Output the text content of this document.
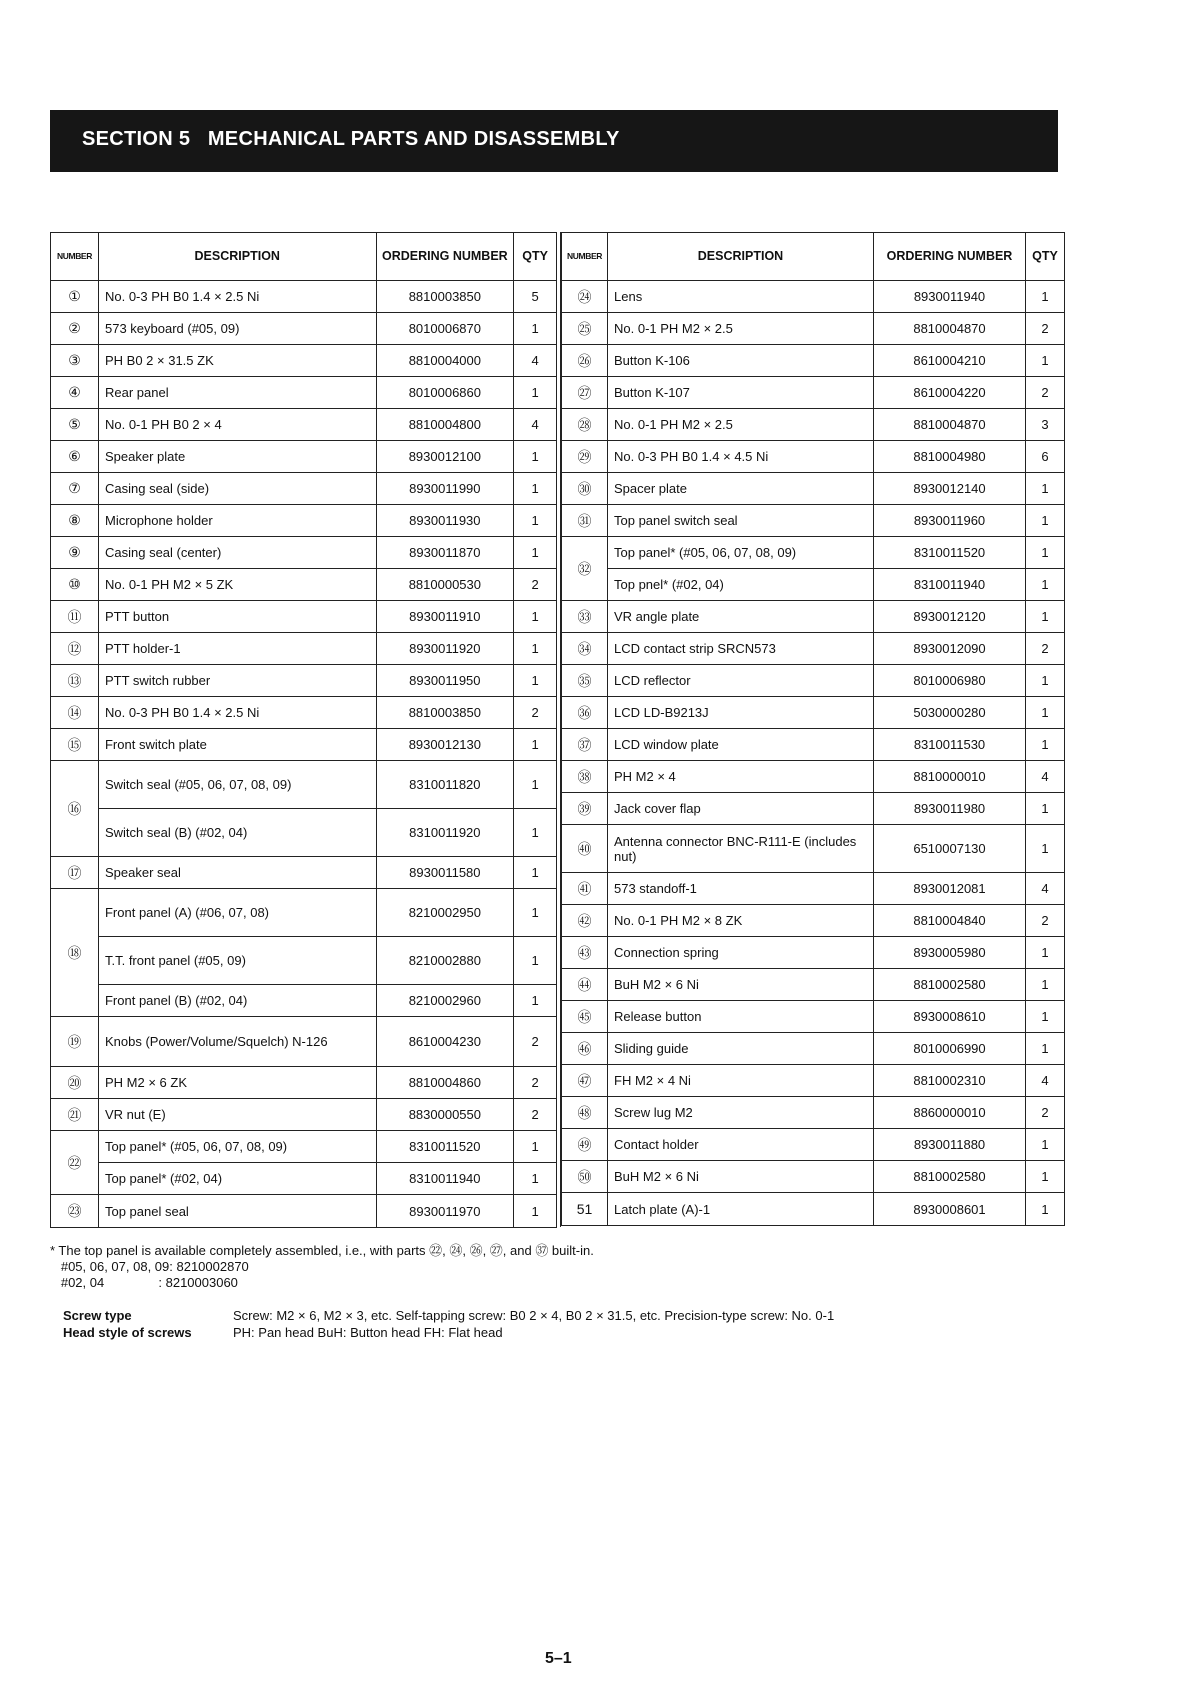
SECTION 5   MECHANICAL PARTS AND DISASSEMBLY
NUMBER	DESCRIPTION	ORDERING NUMBER	QTY
①	No. 0-3 PH B0 1.4 × 2.5 Ni	8810003850	5
②	573 keyboard (#05, 09)	8010006870	1
③	PH B0 2 × 31.5 ZK	8810004000	4
④	Rear panel	8010006860	1
⑤	No. 0-1 PH B0 2 × 4	8810004800	4
⑥	Speaker plate	8930012100	1
⑦	Casing seal (side)	8930011990	1
⑧	Microphone holder	8930011930	1
⑨	Casing seal (center)	8930011870	1
⑩	No. 0-1 PH M2 × 5 ZK	8810000530	2
⑪	PTT button	8930011910	1
⑫	PTT holder-1	8930011920	1
⑬	PTT switch rubber	8930011950	1
⑭	No. 0-3 PH B0 1.4 × 2.5 Ni	8810003850	2
⑮	Front switch plate	8930012130	1
⑯	Switch seal (#05, 06, 07, 08, 09)	8310011820	1
	Switch seal (B) (#02, 04)	8310011920	1
⑰	Speaker seal	8930011580	1
⑱	Front panel (A) (#06, 07, 08)	8210002950	1
	T.T. front panel (#05, 09)	8210002880	1
	Front panel (B) (#02, 04)	8210002960	1
⑲	Knobs (Power/Volume/Squelch) N-126	8610004230	2
⑳	PH M2 × 6 ZK	8810004860	2
㉑	VR nut (E)	8830000550	2
㉒	Top panel* (#05, 06, 07, 08, 09)	8310011520	1
	Top panel* (#02, 04)	8310011940	1
㉓	Top panel seal	8930011970	1
NUMBER	DESCRIPTION	ORDERING NUMBER	QTY
㉔	Lens	8930011940	1
㉕	No. 0-1 PH M2 × 2.5	8810004870	2
㉖	Button K-106	8610004210	1
㉗	Button K-107	8610004220	2
㉘	No. 0-1 PH M2 × 2.5	8810004870	3
㉙	No. 0-3 PH B0 1.4 × 4.5 Ni	8810004980	6
㉚	Spacer plate	8930012140	1
㉛	Top panel switch seal	8930011960	1
㉜	Top panel* (#05, 06, 07, 08, 09)	8310011520	1
	Top pnel* (#02, 04)	8310011940	1
㉝	VR angle plate	8930012120	1
㉞	LCD contact strip SRCN573	8930012090	2
㉟	LCD reflector	8010006980	1
㊱	LCD LD-B9213J	5030000280	1
㊲	LCD window plate	8310011530	1
㊳	PH M2 × 4	8810000010	4
㊴	Jack cover flap	8930011980	1
㊵	Antenna connector BNC-R111-E (includes nut)	6510007130	1
㊶	573 standoff-1	8930012081	4
㊷	No. 0-1 PH M2 × 8 ZK	8810004840	2
㊸	Connection spring	8930005980	1
㊹	BuH M2 × 6 Ni	8810002580	1
㊺	Release button	8930008610	1
㊻	Sliding guide	8010006990	1
㊼	FH M2 × 4 Ni	8810002310	4
㊽	Screw lug M2	8860000010	2
㊾	Contact holder	8930011880	1
㊿	BuH M2 × 6 Ni	8810002580	1
51	Latch plate (A)-1	8930008601	1
* The top panel is available completely assembled, i.e., with parts ㉒, ㉔, ㉖, ㉗, and ㊲ built-in.
#05, 06, 07, 08, 09: 8210002870
#02, 04               : 8210003060
Screw type	Screw: M2 × 6, M2 × 3, etc. Self-tapping screw: B0 2 × 4, B0 2 × 31.5, etc. Precision-type screw: No. 0-1
Head style of screws	PH: Pan head BuH: Button head FH: Flat head
5–1
